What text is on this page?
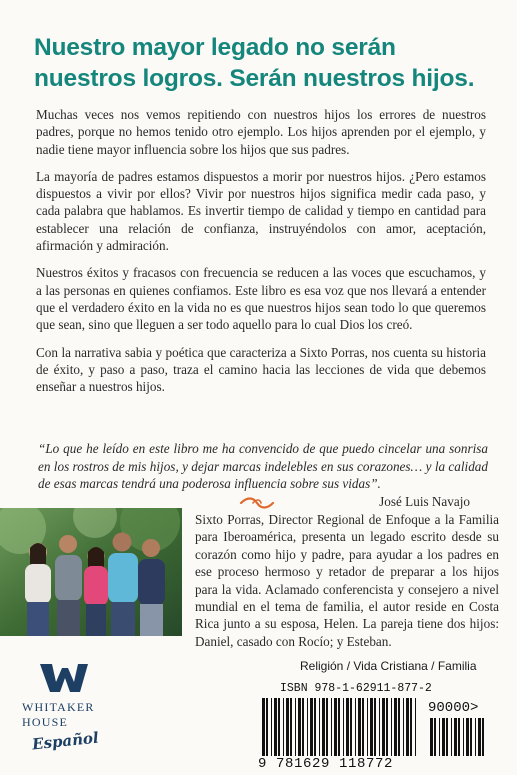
Nuestro mayor legado no serán
nuestros logros. Serán nuestros hijos.

Muchas veces nos vemos repitiendo con nuestros hijos los errores de nuestros padres, porque no hemos tenido otro ejemplo. Los hijos aprenden por el ejemplo, y nadie tiene mayor influencia sobre los hijos que sus padres.

La mayoría de padres estamos dispuestos a morir por nuestros hijos. ¿Pero estamos dispuestos a vivir por ellos? Vivir por nuestros hijos significa medir cada paso, y cada palabra que hablamos. Es invertir tiempo de calidad y tiempo en cantidad para establecer una relación de confianza, instruyéndolos con amor, aceptación, afirmación y admiración.

Nuestros éxitos y fracasos con frecuencia se reducen a las voces que escuchamos, y a las personas en quienes confiamos. Este libro es esa voz que nos llevará a entender que el verdadero éxito en la vida no es que nuestros hijos sean todo lo que queremos que sean, sino que lleguen a ser todo aquello para lo cual Dios los creó.

Con la narrativa sabia y poética que caracteriza a Sixto Porras, nos cuenta su historia de éxito, y paso a paso, traza el camino hacia las lecciones de vida que debemos enseñar a nuestros hijos.

“Lo que he leído en este libro me ha convencido de que puedo cincelar una sonrisa en los rostros de mis hijos, y dejar marcas indelebles en sus corazones… y la calidad de esas marcas tendrá una poderosa influencia sobre sus vidas”.
José Luis Navajo
Sixto Porras, Director Regional de Enfoque a la Familia para Iberoamérica, presenta un legado escrito desde su corazón como hijo y padre, para ayudar a los padres en ese proceso hermoso y retador de preparar a los hijos para la vida. Aclamado conferencista y consejero a nivel mundial en el tema de familia, el autor reside en Costa Rica junto a su esposa, Helen. La pareja tiene dos hijos: Daniel, casado con Rocío; y Esteban.
WHITAKER
HOUSE
Español
Religión / Vida Cristiana / Familia
ISBN 978-1-62911-877-2
90000>
9 781629 118772
